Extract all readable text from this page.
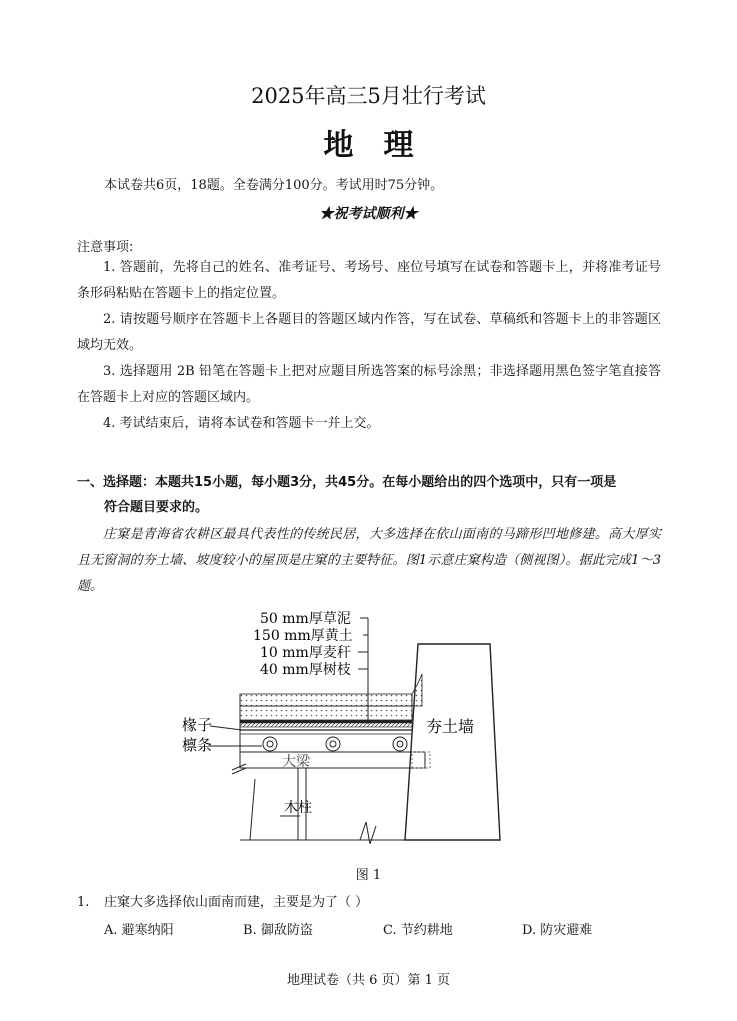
2025年高三5月壮行考试
地理
本试卷共6页，18题。全卷满分100分。考试用时75分钟。
★祝考试顺利★
注意事项:
1. 答题前，先将自己的姓名、准考证号、考场号、座位号填写在试卷和答题卡上，并将准考证号条形码粘贴在答题卡上的指定位置。
2. 请按题号顺序在答题卡上各题目的答题区域内作答，写在试卷、草稿纸和答题卡上的非答题区域均无效。
3. 选择题用 2B 铅笔在答题卡上把对应题目所选答案的标号涂黑；非选择题用黑色签字笔直接答在答题卡上对应的答题区域内。
4. 考试结束后，请将本试卷和答题卡一并上交。
一、选择题：本题共15小题，每小题3分，共45分。在每小题给出的四个选项中，只有一项是
符合题目要求的。
庄窠是青海省农耕区最具代表性的传统民居，大多选择在依山面南的马蹄形凹地修建。高大厚实且无窗洞的夯土墙、坡度较小的屋顶是庄窠的主要特征。图1示意庄窠构造（侧视图）。据此完成1～3题。
50 mm厚草泥
150 mm厚黄土
10 mm厚麦秆
40 mm厚树枝
椽子
檩条
大梁
夯土墙
木柱
图 1
1. 庄窠大多选择依山面南而建，主要是为了（ ）
A. 避寒纳阳	B. 御敌防盗	C. 节约耕地	D. 防灾避难
地理试卷（共 6 页）第 1 页
